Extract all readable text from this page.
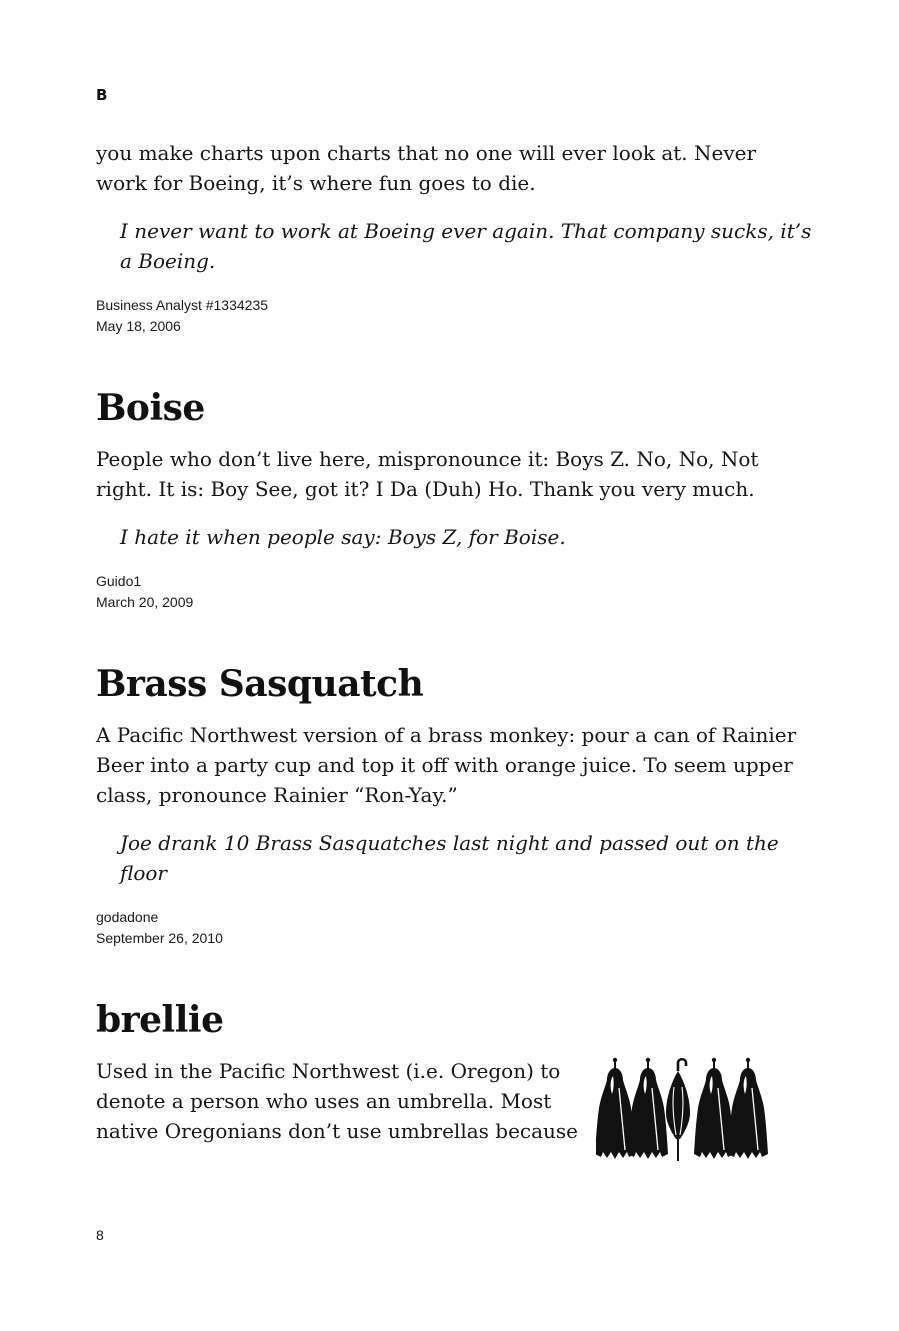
B

you make charts upon charts that no one will ever look at. Never
work for Boeing, it’s where fun goes to die.

I never want to work at Boeing ever again. That company sucks, it’s
a Boeing.

Business Analyst #1334235
May 18, 2006
Boise

People who don’t live here, mispronounce it: Boys Z. No, No, Not
right. It is: Boy See, got it? I Da (Duh) Ho. Thank you very much.

I hate it when people say: Boys Z, for Boise.

Guido1
March 20, 2009
Brass Sasquatch

A Pacific Northwest version of a brass monkey: pour a can of Rainier
Beer into a party cup and top it off with orange juice. To seem upper
class, pronounce Rainier “Ron-Yay.”

Joe drank 10 Brass Sasquatches last night and passed out on the
floor

godadone
September 26, 2010
brellie

Used in the Pacific Northwest (i.e. Oregon) to
denote a person who uses an umbrella. Most
native Oregonians don’t use umbrellas because

8
